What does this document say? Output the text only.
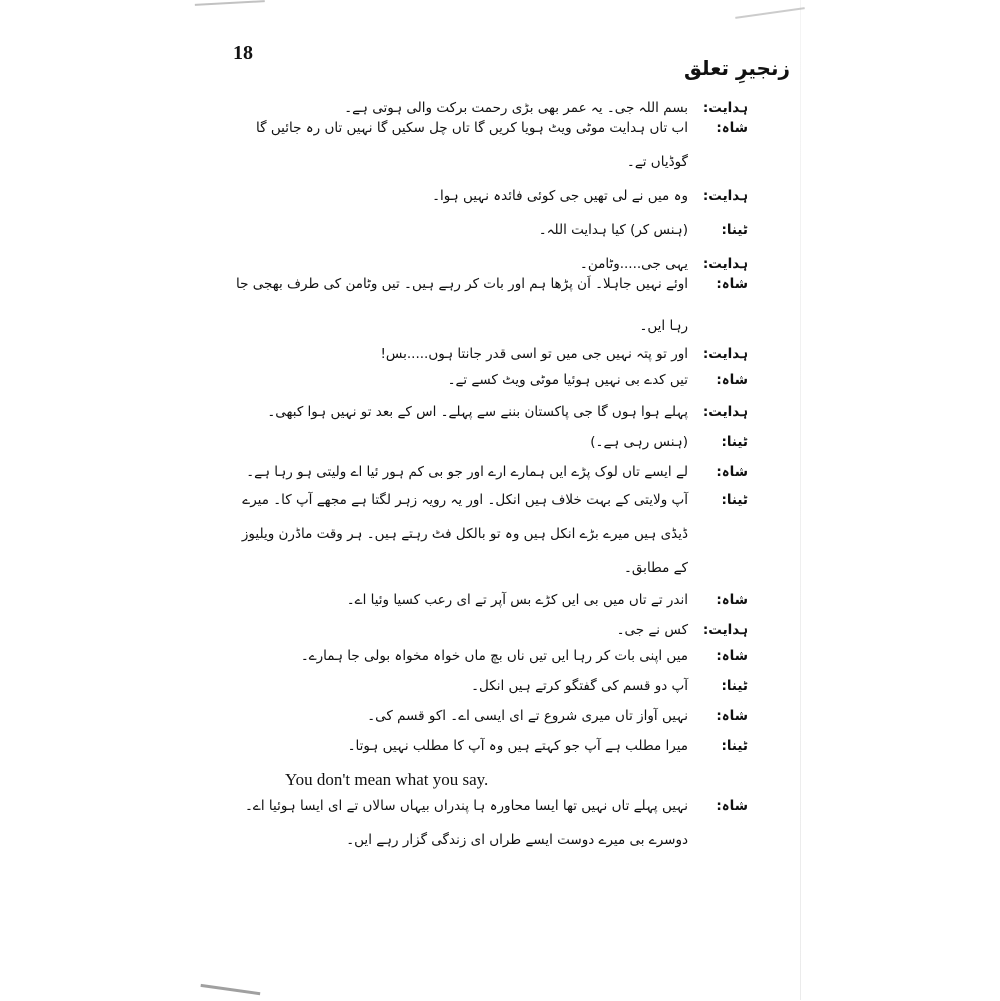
18
زنجیرِ تعلق
ہدایت:
بسم اللہ جی۔ یہ عمر بھی بڑی رحمت برکت والی ہوتی ہے۔
شاہ:
اب تاں ہدایت موٹی ویٹ ہویا کریں گا تاں چل سکیں گا نہیں تاں رہ جائیں گا
گوڈیاں تے۔
ہدایت:
وہ میں نے لی تھیں جی کوئی فائدہ نہیں ہوا۔
ٹینا:
(ہنس کر) کیا ہدایت اللہ۔
ہدایت:
یہی جی.....وٹامن۔
شاہ:
اوئے نہیں جاہلا۔ اَن پڑھا ہم اور بات کر رہے ہیں۔ تیں وٹامن کی طرف بھجی جا
رہا ایں۔
ہدایت:
اور تو پتہ نہیں جی میں تو اسی قدر جانتا ہوں.....بس!
شاہ:
تیں کدے بی نہیں ہوئیا موٹی ویٹ کسے تے۔
ہدایت:
پہلے ہوا ہوں گا جی پاکستان بننے سے پہلے۔ اس کے بعد تو نہیں ہوا کبھی۔
ٹینا:
(ہنس رہی ہے۔)
شاہ:
لے ایسے تاں لوک پڑے ایں ہمارے ارے اور جو بی کم ہور ئیا اے ولیتی ہو رہا ہے۔
ٹینا:
آپ ولایتی کے بہت خلاف ہیں انکل۔ اور یہ رویہ زہر لگتا ہے مجھے آپ کا۔ میرے
ڈیڈی ہیں میرے بڑے انکل ہیں وہ تو بالکل فٹ رہتے ہیں۔ ہر وقت ماڈرن ویلیوز
کے مطابق۔
شاہ:
اندر تے تاں میں بی ایں کڑے بس آپر تے ای رعب کسیا وئیا اے۔
ہدایت:
کس نے جی۔
شاہ:
میں اپنی بات کر رہا ایں تیں ناں بچ ماں خواہ مخواہ بولی جا ہمارے۔
ٹینا:
آپ دو قسم کی گفتگو کرتے ہیں انکل۔
شاہ:
نہیں آواز تاں میری شروع تے ای ایسی اے۔ اکو قسم کی۔
ٹینا:
میرا مطلب ہے آپ جو کہتے ہیں وہ آپ کا مطلب نہیں ہوتا۔
You don't mean what you say.
شاہ:
نہیں پہلے تاں نہیں تھا ایسا محاورہ ہا پندراں بیہاں سالاں تے ای ایسا ہوئیا اے۔
دوسرے بی میرے دوست ایسے طراں ای زندگی گزار رہے ایں۔
